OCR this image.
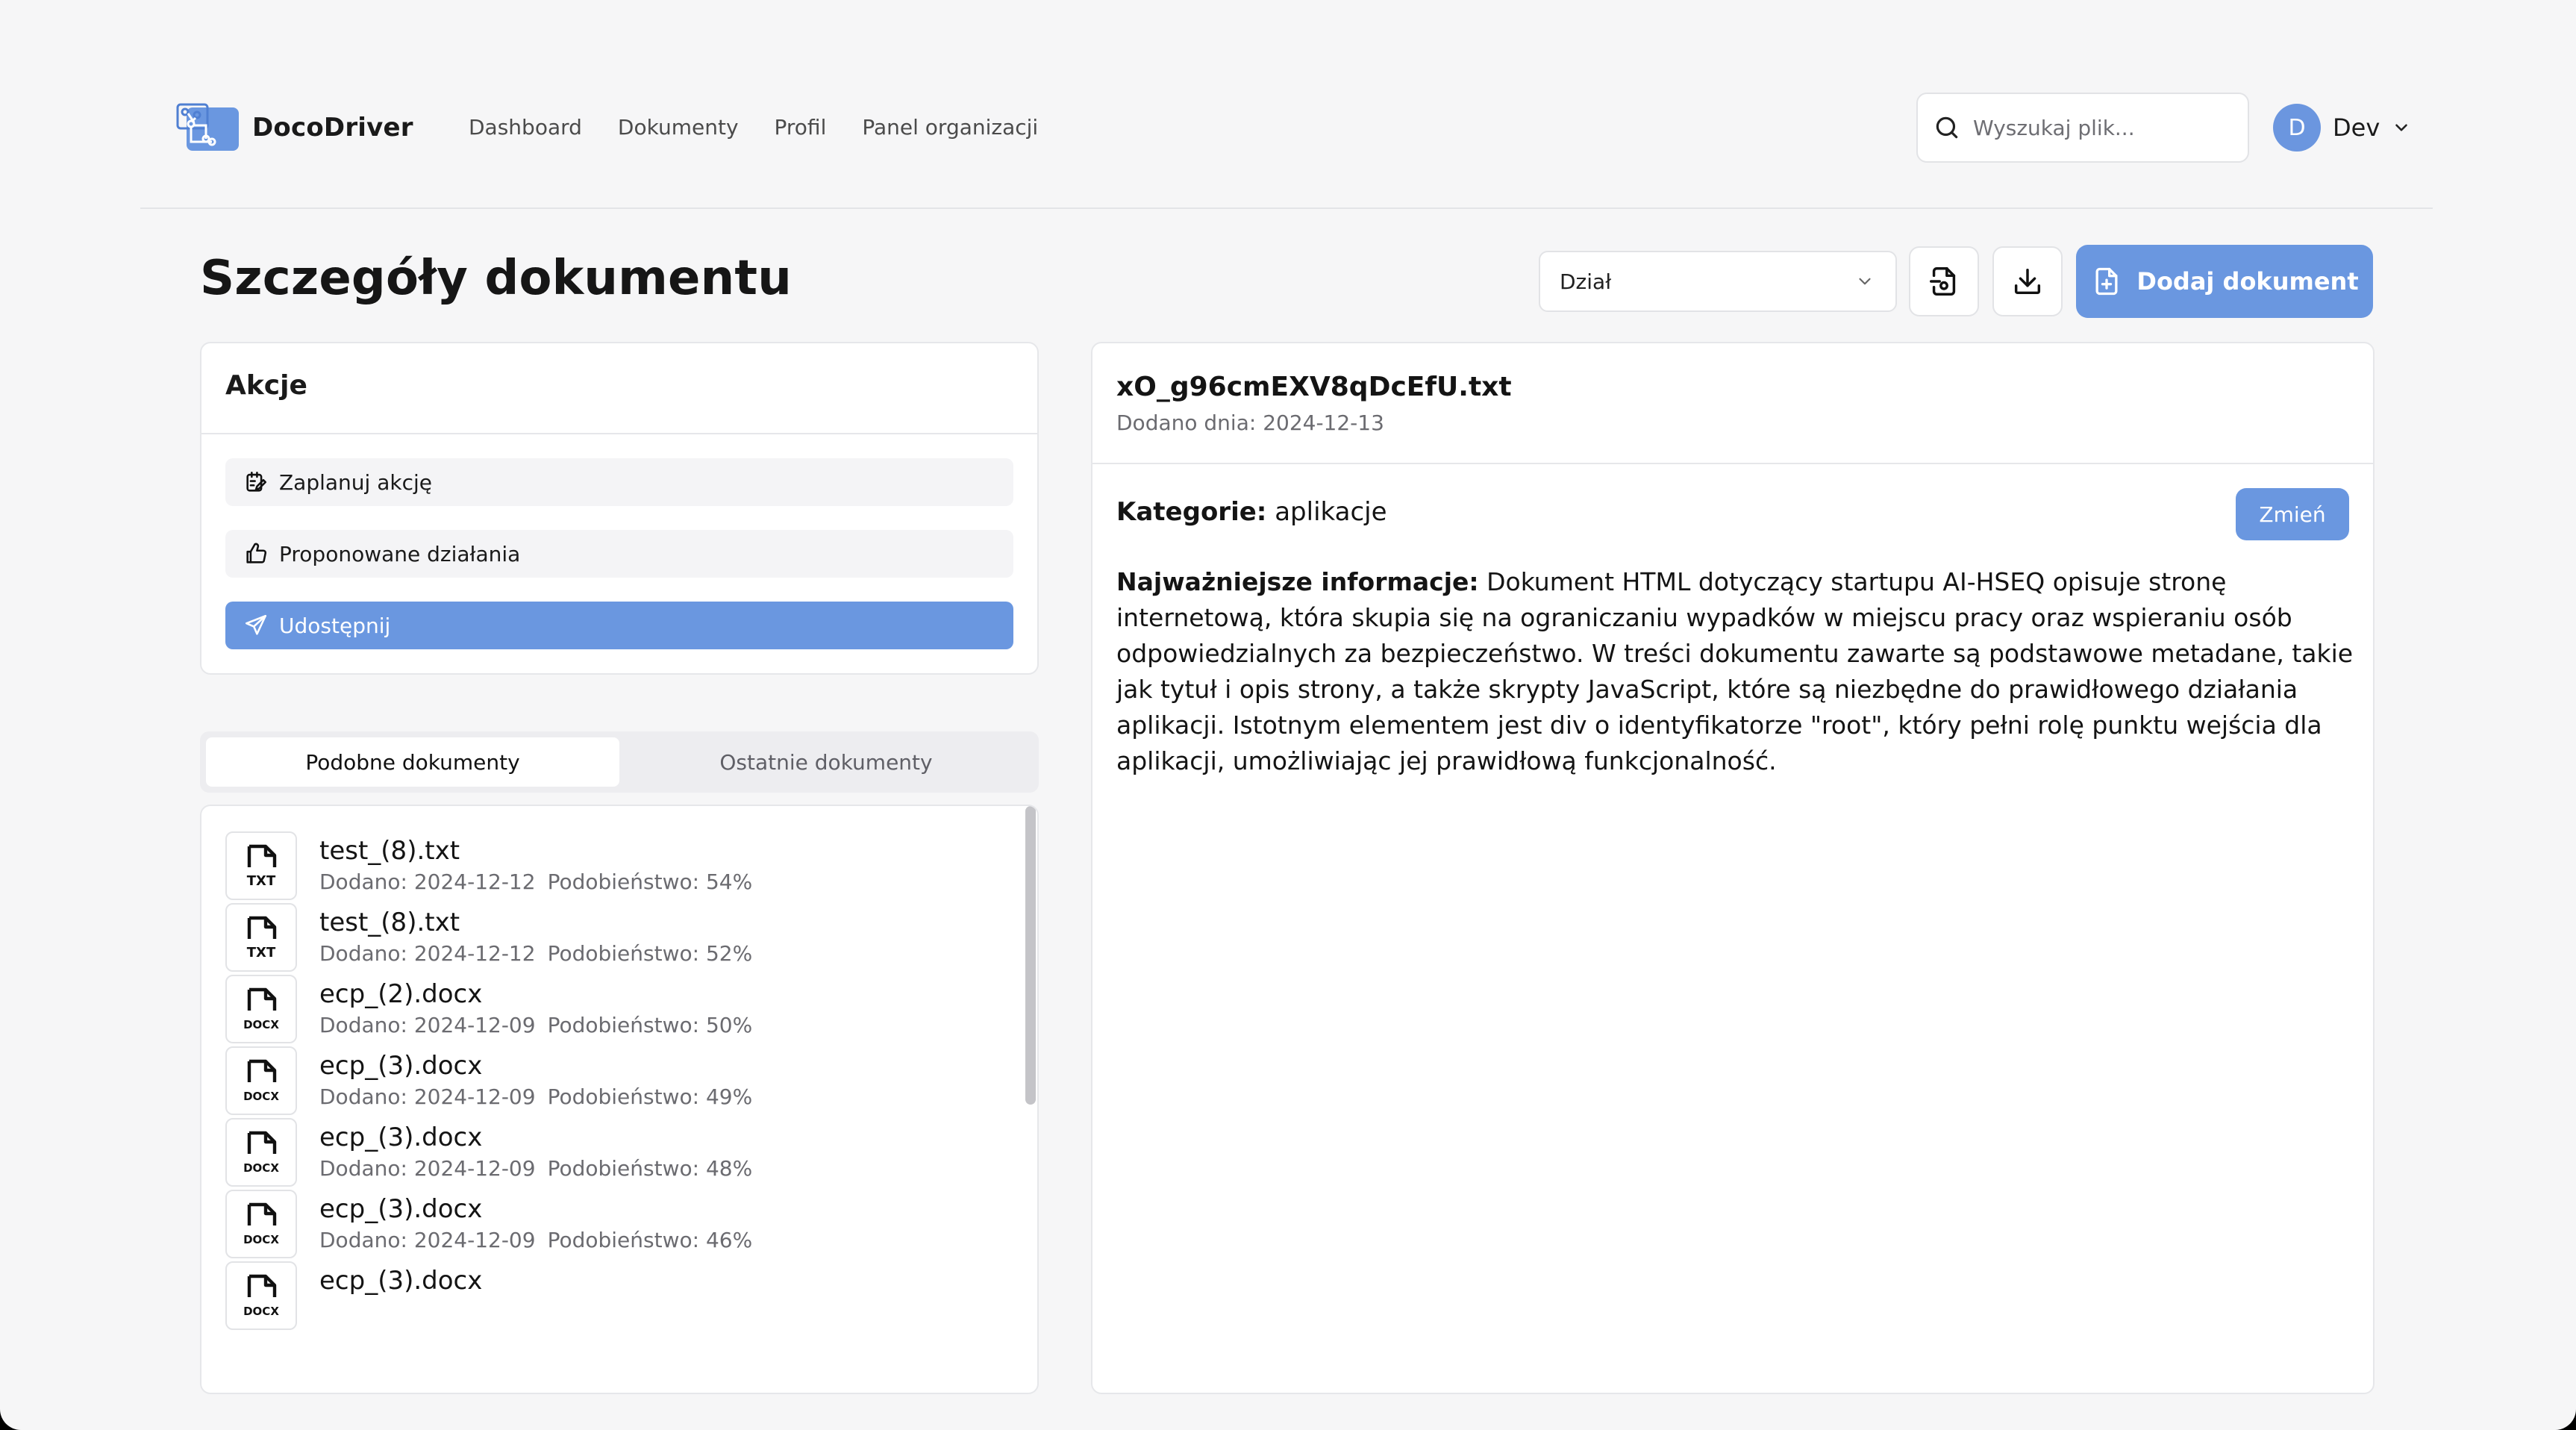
DocoDriver	Dashboard Dokumenty Profil Panel organizacji
Wyszukaj plik...	D	Dev
Szczegóły dokumentu	Dział	Dodaj dokument
Akcje
Zaplanuj akcję
Proponowane działania
Udostępnij
Podobne dokumenty	Ostatnie dokumenty
TXT
test_(8).txt
Dodano: 2024-12-12 Podobieństwo: 54%
TXT
test_(8).txt
Dodano: 2024-12-12 Podobieństwo: 52%
DOCX
ecp_(2).docx
Dodano: 2024-12-09 Podobieństwo: 50%
DOCX
ecp_(3).docx
Dodano: 2024-12-09 Podobieństwo: 49%
DOCX
ecp_(3).docx
Dodano: 2024-12-09 Podobieństwo: 48%
DOCX
ecp_(3).docx
Dodano: 2024-12-09 Podobieństwo: 46%
DOCX
ecp_(3).docx
xO_g96cmEXV8qDcEfU.txt
Dodano dnia: 2024-12-13
Kategorie: aplikacje	Zmień
Najważniejsze informacje: Dokument HTML dotyczący startupu AI-HSEQ opisuje stronę internetową, która skupia się na ograniczaniu wypadków w miejscu pracy oraz wspieraniu osób odpowiedzialnych za bezpieczeństwo. W treści dokumentu zawarte są podstawowe metadane, takie jak tytuł i opis strony, a także skrypty JavaScript, które są niezbędne do prawidłowego działania aplikacji. Istotnym elementem jest div o identyfikatorze "root", który pełni rolę punktu wejścia dla aplikacji, umożliwiając jej prawidłową funkcjonalność.
